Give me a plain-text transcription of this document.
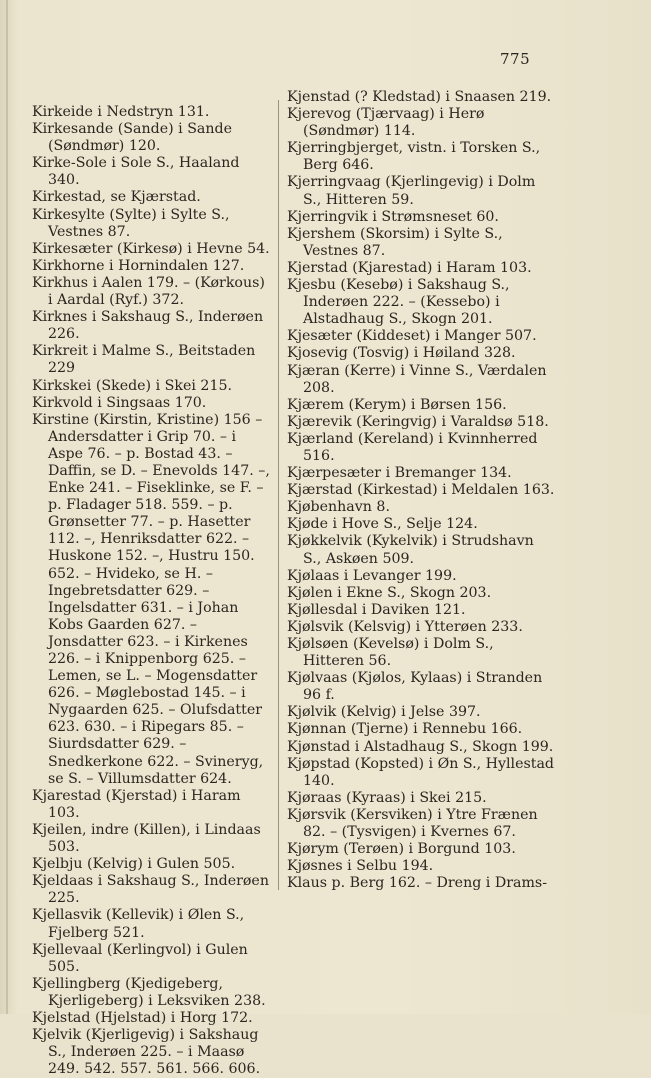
775
Kirkeide i Nedstryn 131.
Kirkesande (Sande) i Sande (Søndmør) 120.
Kirke-Sole i Sole S., Haaland 340.
Kirkestad, se Kjærstad.
Kirkesylte (Sylte) i Sylte S., Vestnes 87.
Kirkesæter (Kirkesø) i Hevne 54.
Kirkhorne i Hornindalen 127.
Kirkhus i Aalen 179. – (Kørkous) i Aardal (Ryf.) 372.
Kirknes i Sakshaug S., Inderøen 226.
Kirkreit i Malme S., Beitstaden 229
Kirkskei (Skede) i Skei 215.
Kirkvold i Singsaas 170.
Kirstine (Kirstin, Kristine) 156 – Andersdatter i Grip 70. – i Aspe 76. – p. Bostad 43. – Daffin, se D. – Enevolds 147. –, Enke 241. – Fiseklinke, se F. – p. Fladager 518. 559. – p. Grønsetter 77. – p. Hasetter 112. –, Henriksdatter 622. – Huskone 152. –, Hustru 150. 652. – Hvideko, se H. – Ingebretsdatter 629. – Ingelsdatter 631. – i Johan Kobs Gaarden 627. – Jonsdatter 623. – i Kirkenes 226. – i Knippenborg 625. – Lemen, se L. – Mogensdatter 626. – Møglebostad 145. – i Nygaarden 625. – Olufsdatter 623. 630. – i Ripegars 85. – Siurdsdatter 629. – Snedkerkone 622. – Svineryg, se S. – Villumsdatter 624.
Kjarestad (Kjerstad) i Haram 103.
Kjeilen, indre (Killen), i Lindaas 503.
Kjelbju (Kelvig) i Gulen 505.
Kjeldaas i Sakshaug S., Inderøen 225.
Kjellasvik (Kellevik) i Ølen S., Fjelberg 521.
Kjellevaal (Kerlingvol) i Gulen 505.
Kjellingberg (Kjedigeberg, Kjerligeberg) i Leksviken 238.
Kjelstad (Hjelstad) i Horg 172.
Kjelvik (Kjerligevig) i Sakshaug S., Inderøen 225. – i Maasø 249. 542. 557. 561. 566. 606.
Kjenstad (? Kledstad) i Snaasen 219.
Kjerevog (Tjærvaag) i Herø (Søndmør) 114.
Kjerringbjerget, vistn. i Torsken S., Berg 646.
Kjerringvaag (Kjerlingevig) i Dolm S., Hitteren 59.
Kjerringvik i Strømsneset 60.
Kjershem (Skorsim) i Sylte S., Vestnes 87.
Kjerstad (Kjarestad) i Haram 103.
Kjesbu (Kesebø) i Sakshaug S., Inderøen 222. – (Kessebo) i Alstadhaug S., Skogn 201.
Kjesæter (Kiddeset) i Manger 507.
Kjosevig (Tosvig) i Høiland 328.
Kjæran (Kerre) i Vinne S., Værdalen 208.
Kjærem (Kerym) i Børsen 156.
Kjærevik (Keringvig) i Varaldsø 518.
Kjærland (Kereland) i Kvinnherred 516.
Kjærpesæter i Bremanger 134.
Kjærstad (Kirkestad) i Meldalen 163.
Kjøbenhavn 8.
Kjøde i Hove S., Selje 124.
Kjøkkelvik (Kykelvik) i Strudshavn S., Askøen 509.
Kjølaas i Levanger 199.
Kjølen i Ekne S., Skogn 203.
Kjøllesdal i Daviken 121.
Kjølsvik (Kelsvig) i Ytterøen 233.
Kjølsøen (Kevelsø) i Dolm S., Hitteren 56.
Kjølvaas (Kjølos, Kylaas) i Stranden 96 f.
Kjølvik (Kelvig) i Jelse 397.
Kjønnan (Tjerne) i Rennebu 166.
Kjønstad i Alstadhaug S., Skogn 199.
Kjøpstad (Kopsted) i Øn S., Hyllestad 140.
Kjøraas (Kyraas) i Skei 215.
Kjørsvik (Kersviken) i Ytre Frænen 82. – (Tysvigen) i Kvernes 67.
Kjørym (Terøen) i Borgund 103.
Kjøsnes i Selbu 194.
Klaus p. Berg 162. – Dreng i Drams-
